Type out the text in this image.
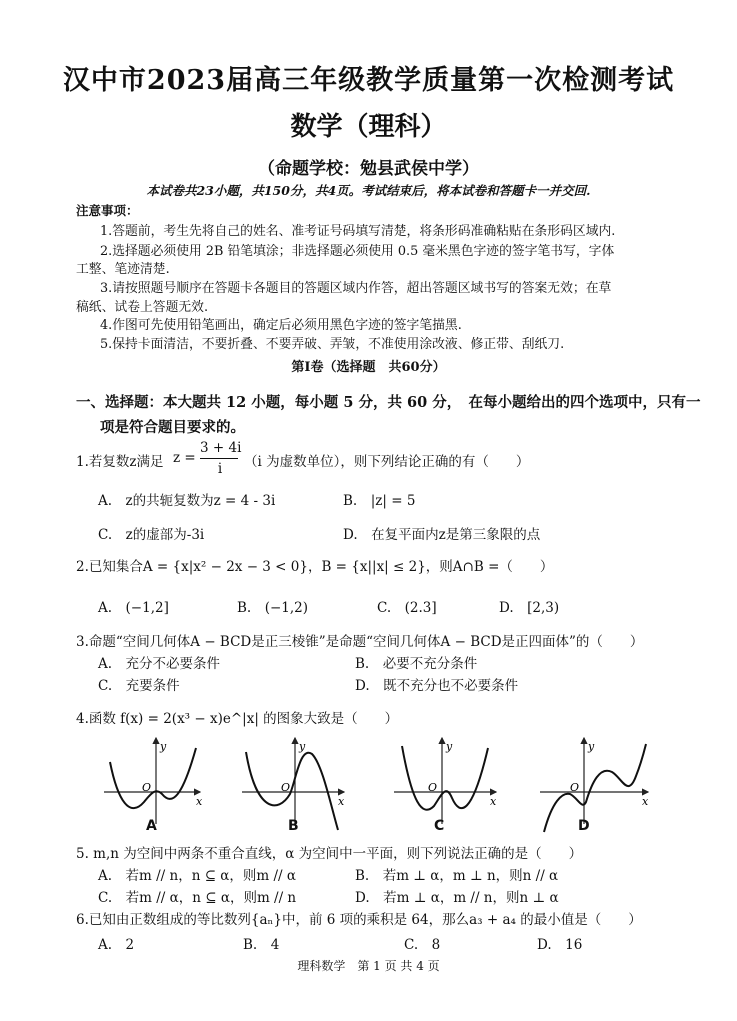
汉中市2023届高三年级教学质量第一次检测考试
数学（理科）
（命题学校：勉县武侯中学）
本试卷共23小题，共150分，共4页。考试结束后，将本试卷和答题卡一并交回.
注意事项：
1.答题前，考生先将自己的姓名、准考证号码填写清楚，将条形码准确粘贴在条形码区域内.
2.选择题必须使用 2B 铅笔填涂；非选择题必须使用 0.5 毫米黑色字迹的签字笔书写，字体
工整、笔迹清楚.
3.请按照题号顺序在答题卡各题目的答题区域内作答，超出答题区域书写的答案无效；在草
稿纸、试卷上答题无效.
4.作图可先使用铅笔画出，确定后必须用黑色字迹的签字笔描黑.
5.保持卡面清洁，不要折叠、不要弄破、弄皱，不准使用涂改液、修正带、刮纸刀.
第Ⅰ卷（选择题　共60分）
一、选择题：本大题共 12 小题，每小题 5 分，共 60 分，　在每小题给出的四个选项中，只有一
项是符合题目要求的。
1.若复数z满足 z =
3 + 4i
i	（i 为虚数单位），则下列结论正确的有（　　）
A.　z的共轭复数为z = 4 - 3i	B.　|z| = 5
C.　z的虚部为-3i	D.　在复平面内z是第三象限的点
2.已知集合A = {x|x² − 2x − 3 < 0}，B = {x||x| ≤ 2}，则A∩B =（　　）
A.　(−1,2]	B.　(−1,2)	C.　(2.3]	D.　[2,3)
3.命题“空间几何体A − BCD是正三棱锥”是命题“空间几何体A − BCD是正四面体”的（　　）
A.　充分不必要条件	B.　必要不充分条件
C.　充要条件	D.　既不充分也不必要条件
4.函数 f(x) = 2(x³ − x)e^|x| 的图象大致是（　　）
y
x
O
y
x
O
y
x
O
y
x
O
A	B	C	D
5. m,n 为空间中两条不重合直线，α 为空间中一平面，则下列说法正确的是（　　）
A.　若m // n，n ⊆ α，则m // α	B.　若m ⊥ α，m ⊥ n，则n // α
C.　若m // α，n ⊆ α，则m // n	D.　若m ⊥ α，m // n，则n ⊥ α
6.已知由正数组成的等比数列{aₙ}中，前 6 项的乘积是 64，那么a₃ + a₄ 的最小值是（　　）
A.　2	B.　4	C.　8	D.　16
理科数学　第 1 页 共 4 页
